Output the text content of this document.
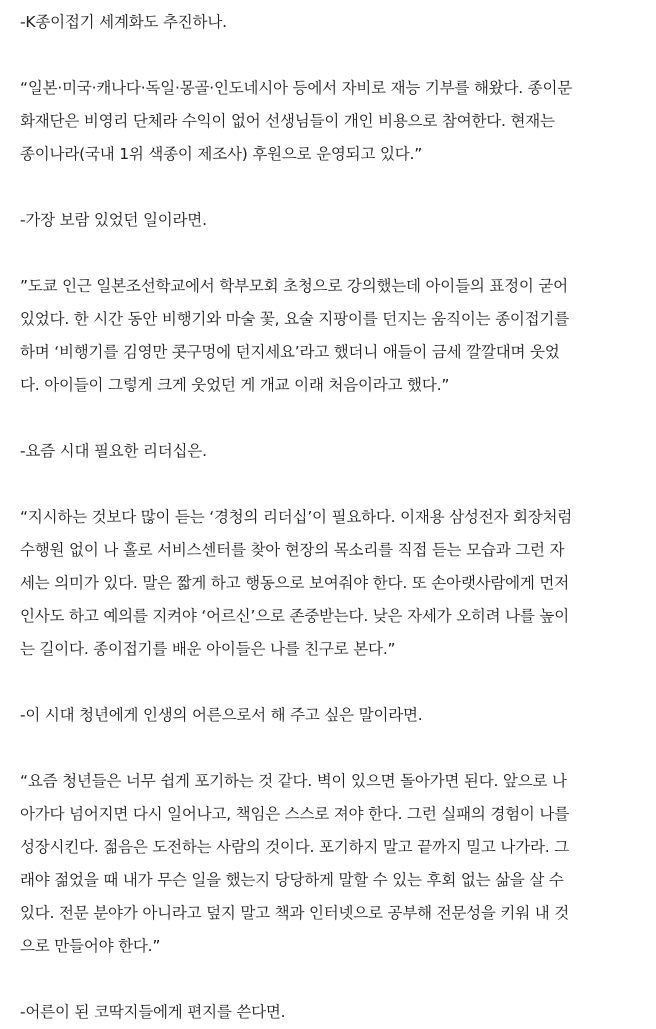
-K종이접기 세계화도 추진하나.

“일본·미국·캐나다·독일·몽골·인도네시아 등에서 자비로 재능 기부를 해왔다. 종이문
화재단은 비영리 단체라 수익이 없어 선생님들이 개인 비용으로 참여한다. 현재는
종이나라(국내 1위 색종이 제조사) 후원으로 운영되고 있다.”

-가장 보람 있었던 일이라면.

”도쿄 인근 일본조선학교에서 학부모회 초청으로 강의했는데 아이들의 표정이 굳어
있었다. 한 시간 동안 비행기와 마술 꽃, 요술 지팡이를 던지는 움직이는 종이접기를
하며 ‘비행기를 김영만 콧구멍에 던지세요’라고 했더니 애들이 금세 깔깔대며 웃었
다. 아이들이 그렇게 크게 웃었던 게 개교 이래 처음이라고 했다.”

-요즘 시대 필요한 리더십은.

“지시하는 것보다 많이 듣는 ‘경청의 리더십’이 필요하다. 이재용 삼성전자 회장처럼
수행원 없이 나 홀로 서비스센터를 찾아 현장의 목소리를 직접 듣는 모습과 그런 자
세는 의미가 있다. 말은 짧게 하고 행동으로 보여줘야 한다. 또 손아랫사람에게 먼저
인사도 하고 예의를 지켜야 ‘어르신’으로 존중받는다. 낮은 자세가 오히려 나를 높이
는 길이다. 종이접기를 배운 아이들은 나를 친구로 본다.”

-이 시대 청년에게 인생의 어른으로서 해 주고 싶은 말이라면.

“요즘 청년들은 너무 쉽게 포기하는 것 같다. 벽이 있으면 돌아가면 된다. 앞으로 나
아가다 넘어지면 다시 일어나고, 책임은 스스로 져야 한다. 그런 실패의 경험이 나를
성장시킨다. 젊음은 도전하는 사람의 것이다. 포기하지 말고 끝까지 밀고 나가라. 그
래야 젊었을 때 내가 무슨 일을 했는지 당당하게 말할 수 있는 후회 없는 삶을 살 수
있다. 전문 분야가 아니라고 덮지 말고 책과 인터넷으로 공부해 전문성을 키워 내 것
으로 만들어야 한다.”

-어른이 된 코딱지들에게 편지를 쓴다면.
